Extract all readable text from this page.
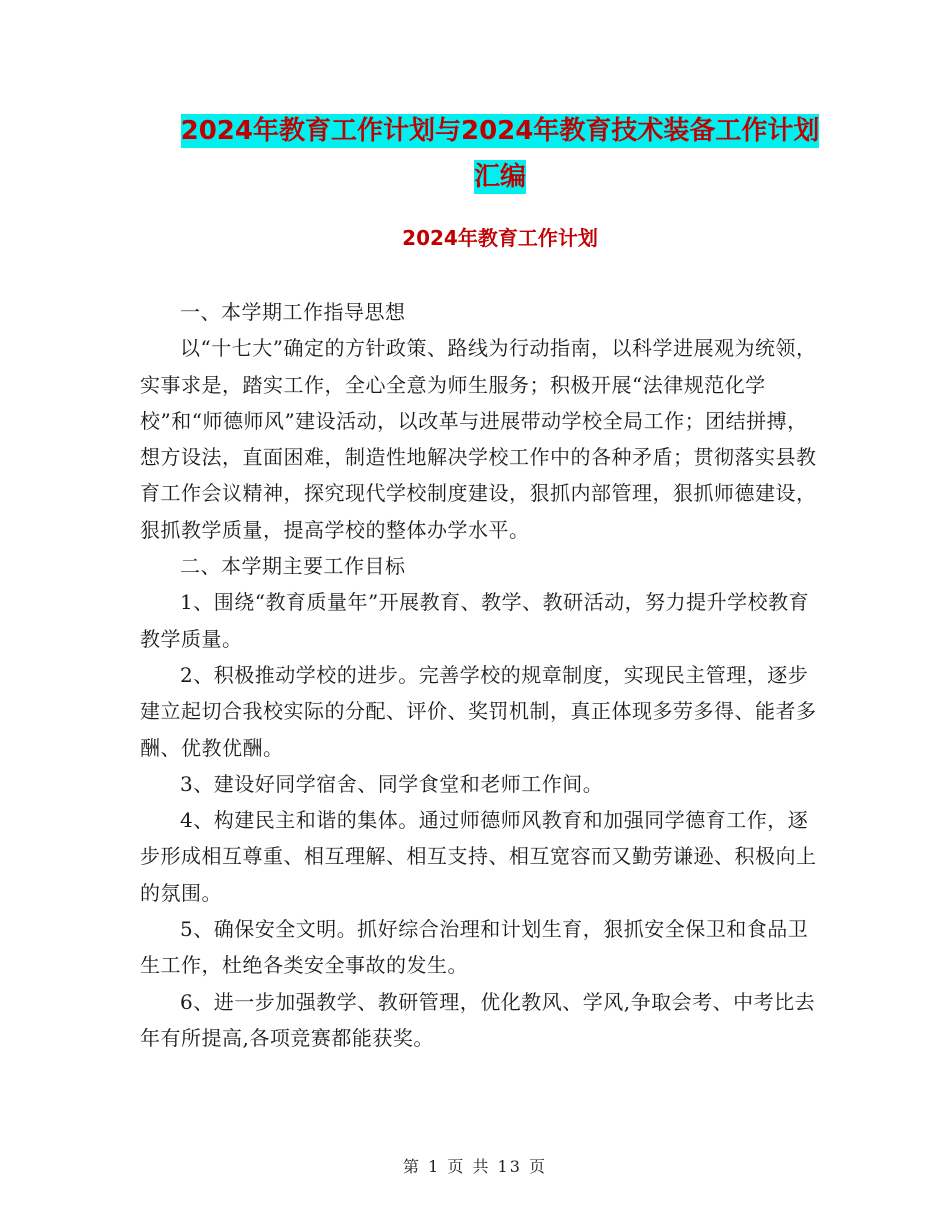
2024年教育工作计划与2024年教育技术装备工作计划
汇编
2024年教育工作计划

一、本学期工作指导思想

以“十七大”确定的方针政策、路线为行动指南，以科学进展观为统领，实事求是，踏实工作，全心全意为师生服务；积极开展“法律规范化学校”和“师德师风”建设活动，以改革与进展带动学校全局工作；团结拼搏，想方设法，直面困难，制造性地解决学校工作中的各种矛盾；贯彻落实县教育工作会议精神，探究现代学校制度建设，狠抓内部管理，狠抓师德建设，狠抓教学质量，提高学校的整体办学水平。

二、本学期主要工作目标

1、围绕“教育质量年”开展教育、教学、教研活动，努力提升学校教育教学质量。

2、积极推动学校的进步。完善学校的规章制度，实现民主管理，逐步建立起切合我校实际的分配、评价、奖罚机制，真正体现多劳多得、能者多酬、优教优酬。

3、建设好同学宿舍、同学食堂和老师工作间。

4、构建民主和谐的集体。通过师德师风教育和加强同学德育工作，逐步形成相互尊重、相互理解、相互支持、相互宽容而又勤劳谦逊、积极向上的氛围。

5、确保安全文明。抓好综合治理和计划生育，狠抓安全保卫和食品卫生工作，杜绝各类安全事故的发生。

6、进一步加强教学、教研管理，优化教风、学风,争取会考、中考比去年有所提高,各项竞赛都能获奖。

第 1 页 共 13 页
